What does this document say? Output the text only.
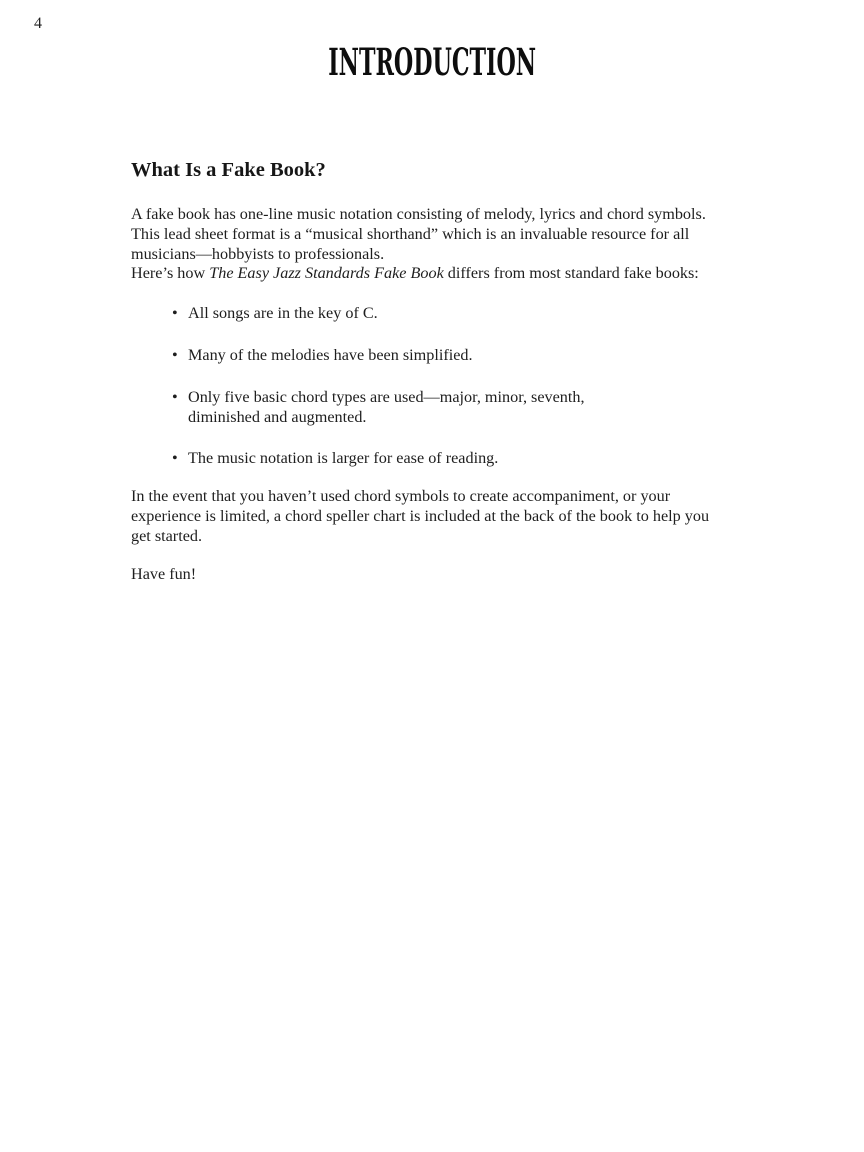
4
INTRODUCTION
What Is a Fake Book?
A fake book has one-line music notation consisting of melody, lyrics and chord symbols. This lead sheet format is a “musical shorthand” which is an invaluable resource for all musicians—hobbyists to professionals.
Here’s how The Easy Jazz Standards Fake Book differs from most standard fake books:
• All songs are in the key of C.
• Many of the melodies have been simplified.
• Only five basic chord types are used—major, minor, seventh, diminished and augmented.
• The music notation is larger for ease of reading.
In the event that you haven’t used chord symbols to create accompaniment, or your experience is limited, a chord speller chart is included at the back of the book to help you get started.
Have fun!
